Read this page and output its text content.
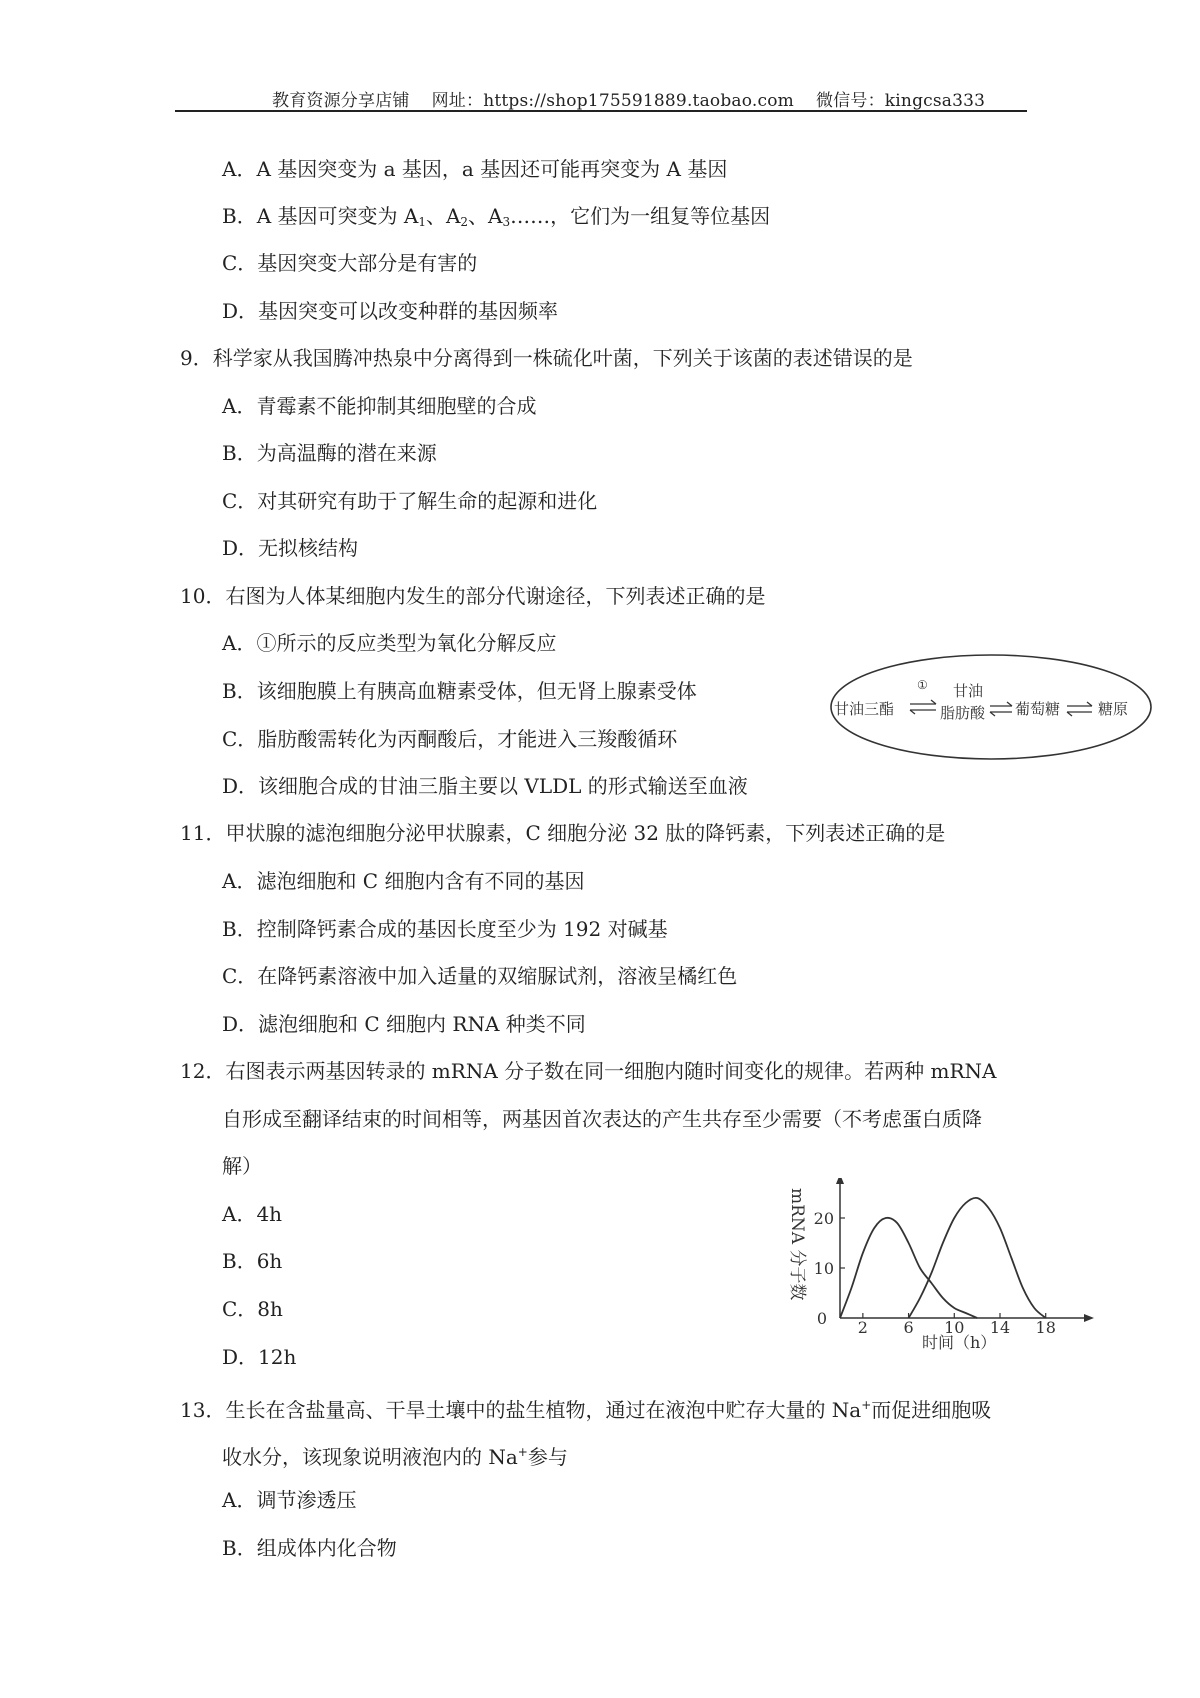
教育资源分享店铺 网址：https://shop175591889.taobao.com 微信号：kingcsa333
A．A 基因突变为 a 基因，a 基因还可能再突变为 A 基因
B．A 基因可突变为 $A_1$、$A_2$、$A_3\dots\dots$，它们为一组复等位基因
C．基因突变大部分是有害的
D．基因突变可以改变种群的基因频率
9．科学家从我国腾冲热泉中分离得到一株硫化叶菌，下列关于该菌的表述错误的是
A．青霉素不能抑制其细胞壁的合成
B．为高温酶的潜在来源
C．对其研究有助于了解生命的起源和进化
D．无拟核结构
10．右图为人体某细胞内发生的部分代谢途径，下列表述正确的是
A．①所示的反应类型为氧化分解反应
B．该细胞膜上有胰高血糖素受体，但无肾上腺素受体
C．脂肪酸需转化为丙酮酸后，才能进入三羧酸循环
D．该细胞合成的甘油三脂主要以 VLDL 的形式输送至血液
甘油三酯
① 甘油
脂肪酸 葡萄糖	糖原
11．甲状腺的滤泡细胞分泌甲状腺素，C 细胞分泌 32 肽的降钙素，下列表述正确的是
A．滤泡细胞和 C 细胞内含有不同的基因
B．控制降钙素合成的基因长度至少为 192 对碱基
C．在降钙素溶液中加入适量的双缩脲试剂，溶液呈橘红色
D．滤泡细胞和 C 细胞内 RNA 种类不同
12．右图表示两基因转录的 mRNA 分子数在同一细胞内随时间变化的规律。若两种 mRNA
自形成至翻译结束的时间相等，两基因首次表达的产生共存至少需要（不考虑蛋白质降
解）
A．4h
B．6h
C．8h
D．12h
0 2 6 10 14 18
10
20
mRNA 分子数
时间（h）
13．生长在含盐量高、干旱土壤中的盐生植物，通过在液泡中贮存大量的 Na+而促进细胞吸
收水分，该现象说明液泡内的 Na+参与
A．调节渗透压
B．组成体内化合物
